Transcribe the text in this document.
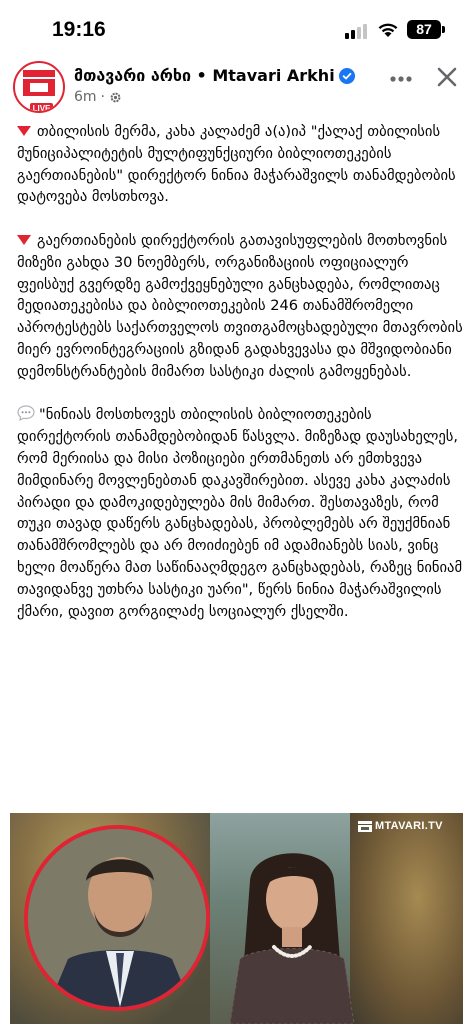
19:16	87
LIVE
მთავარი არხი • Mtavari Arkhi
6m ·
თბილისის მერმა, კახა კალაძემ ა(ა)იპ "ქალაქ თბილისის მუნიციპალიტეტის მულტიფუნქციური ბიბლიოთეკების გაერთიანების" დირექტორ ნინია მაჭარაშვილს თანამდებობის დატოვება მოსთხოვა.
გაერთიანების დირექტორის გათავისუფლების მოთხოვნის მიზეზი გახდა 30 ნოემბერს, ორგანიზაციის ოფიციალურ ფეისბუქ გვერდზე გამოქვეყნებული განცხადება, რომლითაც მედიათეკებისა და ბიბლიოთეკების 246 თანამშრომელი აპროტესტებს საქართველოს თვითგამოცხადებული მთავრობის მიერ ევროინტეგრაციის გზიდან გადახვევასა და მშვიდობიანი დემონსტრანტების მიმართ სასტიკი ძალის გამოყენებას.
"ნინიას მოსთხოვეს თბილისის ბიბლიოთეკების დირექტორის თანამდებობიდან წასვლა. მიზეზად დაუსახელეს, რომ მერიისა და მისი პოზიციები ერთმანეთს არ ემთხვევა მიმდინარე მოვლენებთან დაკავშირებით. ასევე კახა კალაძის პირადი და დამოკიდებულება მის მიმართ. შესთავაზეს, რომ თუკი თავად დაწერს განცხადებას, პრობლემებს არ შეუქმნიან თანამშრომლებს და არ მოიძიებენ იმ ადამიანებს სიას, ვინც ხელი მოაწერა მათ საწინააღმდეგო განცხადებას, რაზეც ნინიამ თავიდანვე უთხრა სასტიკი უარი", წერს ნინია მაჭარაშვილის ქმარი, დავით გორგილაძე სოციალურ ქსელში.
MTAVARI.TV
